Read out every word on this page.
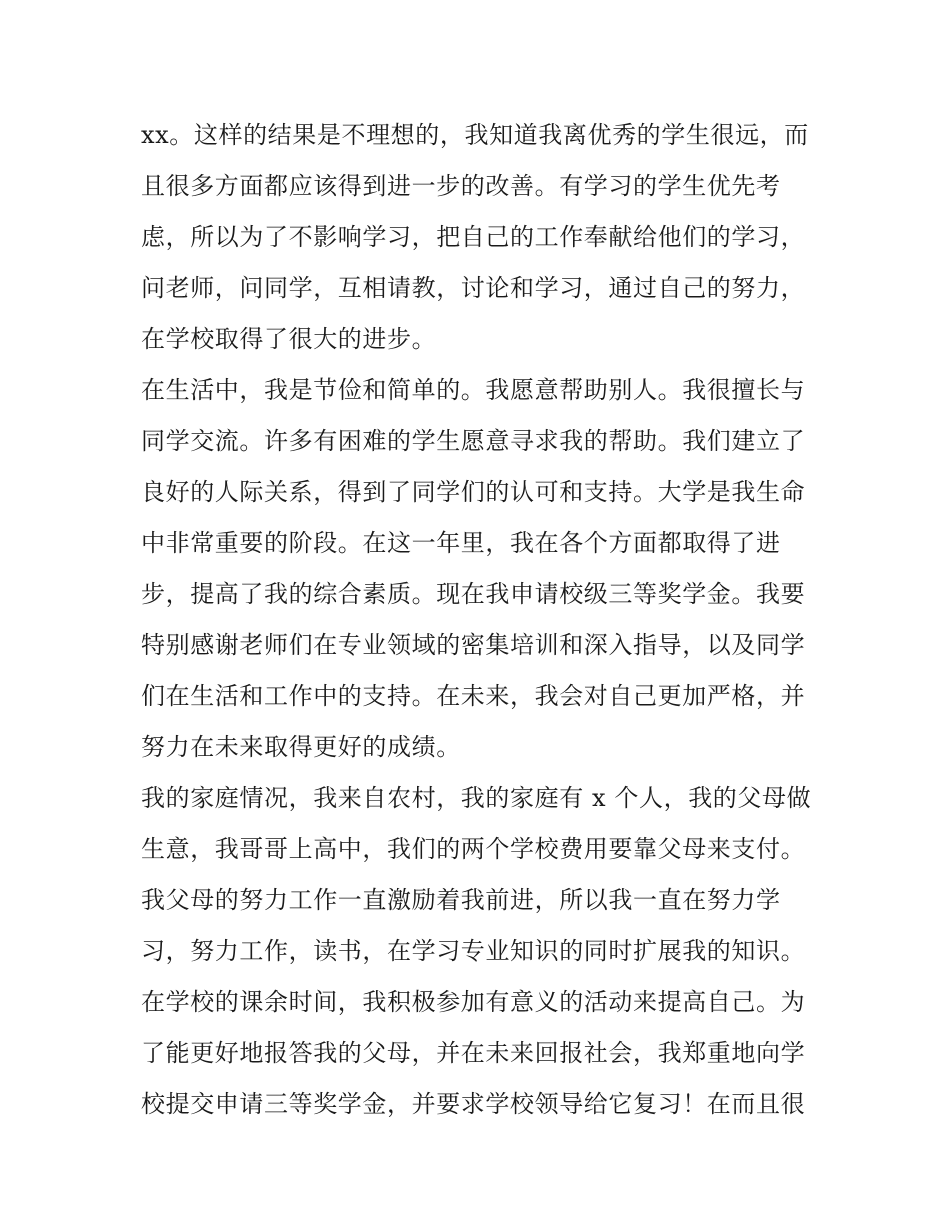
xx。这样的结果是不理想的，我知道我离优秀的学生很远，而
且很多方面都应该得到进一步的改善。有学习的学生优先考
虑，所以为了不影响学习，把自己的工作奉献给他们的学习，
问老师，问同学，互相请教，讨论和学习，通过自己的努力，
在学校取得了很大的进步。
在生活中，我是节俭和简单的。我愿意帮助别人。我很擅长与
同学交流。许多有困难的学生愿意寻求我的帮助。我们建立了
良好的人际关系，得到了同学们的认可和支持。大学是我生命
中非常重要的阶段。在这一年里，我在各个方面都取得了进
步，提高了我的综合素质。现在我申请校级三等奖学金。我要
特别感谢老师们在专业领域的密集培训和深入指导，以及同学
们在生活和工作中的支持。在未来，我会对自己更加严格，并
努力在未来取得更好的成绩。
我的家庭情况，我来自农村，我的家庭有 x 个人，我的父母做
生意，我哥哥上高中，我们的两个学校费用要靠父母来支付。
我父母的努力工作一直激励着我前进，所以我一直在努力学
习，努力工作，读书，在学习专业知识的同时扩展我的知识。
在学校的课余时间，我积极参加有意义的活动来提高自己。为
了能更好地报答我的父母，并在未来回报社会，我郑重地向学
校提交申请三等奖学金，并要求学校领导给它复习！在而且很
